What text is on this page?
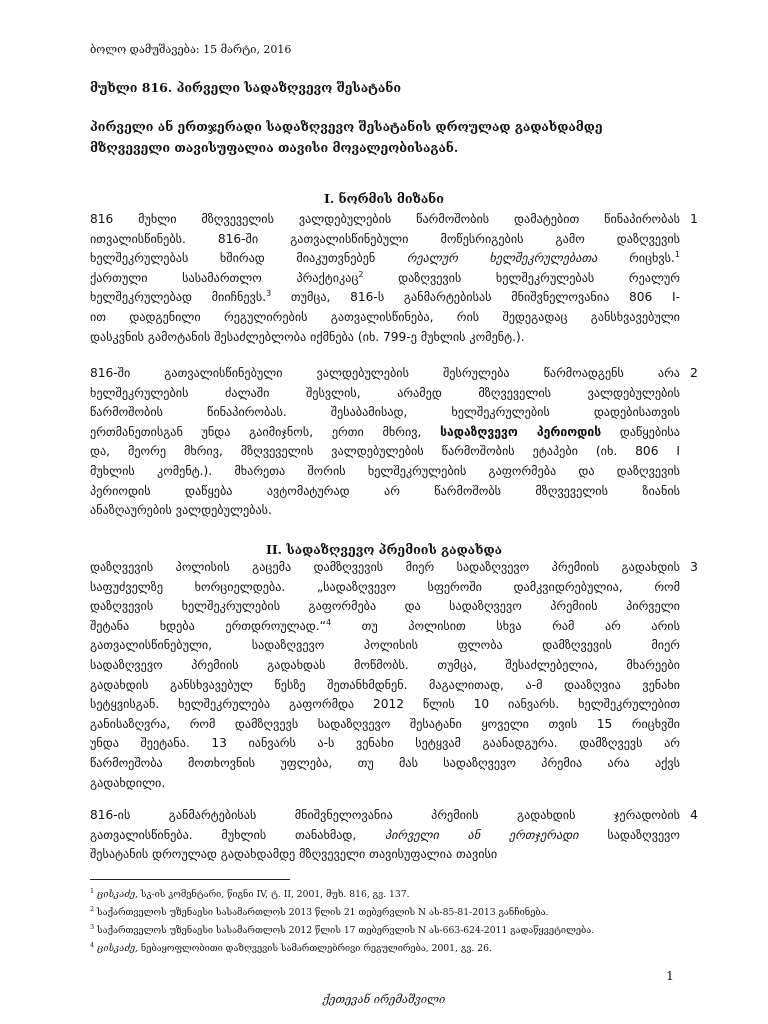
ბოლო დამუშავება: 15 მარტი, 2016
მუხლი 816. პირველი სადაზღვევო შესატანი
პირველი ან ერთჯერადი სადაზღვევო შესატანის დროულად გადახდამდე
მზღვეველი თავისუფალია თავისი მოვალეობისაგან.
I. ნორმის მიზანი
816 მუხლი მზღვეველის ვალდებულების წარმოშობის დამატებით წინაპირობას
ითვალისწინებს. 816-ში გათვალისწინებული მოწესრიგების გამო დაზღვევის
ხელშეკრულებას ხშირად მიაკუთვნებენ რეალურ ხელშეკრულებათა რიცხვს.$^1$
ქართული სასამართლო პრაქტიკაც$^2$ დაზღვევის ხელშეკრულებას რეალურ
ხელშეკრულებად მიიჩნევს.$^3$ თუმცა, 816-ს განმარტებისას მნიშვნელოვანია 806 I-
ით დადგენილი რეგულირების გათვალისწინება, რის შედეგადაც განსხვავებული
დასკვნის გამოტანის შესაძლებლობა იქმნება (იხ. 799-ე მუხლის კომენტ.).
1
816-ში გათვალისწინებული ვალდებულების შესრულება წარმოადგენს არა
ხელშეკრულების ძალაში შესვლის, არამედ მზღვეველის ვალდებულების
წარმოშობის წინაპირობას. შესაბამისად, ხელშეკრულების დადებისათვის
ერთმანეთისგან უნდა გაიმიჯნოს, ერთი მხრივ, სადაზღვევო პერიოდის დაწყებისა
და, მეორე მხრივ, მზღვეველის ვალდებულების წარმოშობის ეტაპები (იხ. 806 I
მუხლის კომენტ.). მხარეთა შორის ხელშეკრულების გაფორმება და დაზღვევის
პერიოდის დაწყება ავტომატურად არ წარმოშობს მზღვეველის ზიანის
ანაზღაურების ვალდებულებას.
2
II. სადაზღვევო პრემიის გადახდა
დაზღვევის პოლისის გაცემა დამზღვევის მიერ სადაზღვევო პრემიის გადახდის
საფუძველზე ხორციელდება. „სადაზღვევო სფეროში დამკვიდრებულია, რომ
დაზღვევის ხელშეკრულების გაფორმება და სადაზღვევო პრემიის პირველი
შეტანა ხდება ერთდროულად.“$^4$ თუ პოლისით სხვა რამ არ არის
გათვალისწინებული, სადაზღვევო პოლისის ფლობა დამზღვევის მიერ
სადაზღვევო პრემიის გადახდას მოწმობს. თუმცა, შესაძლებელია, მხარეები
გადახდის განსხვავებულ წესზე შეთანხმდნენ. მაგალითად, ა-მ დააზღვია ვენახი
სეტყვისგან. ხელშეკრულება გაფორმდა 2012 წლის 10 იანვარს. ხელშეკრულებით
განისაზღვრა, რომ დამზღვევს სადაზღვევო შესატანი ყოველი თვის 15 რიცხვში
უნდა შეეტანა. 13 იანვარს ა-ს ვენახი სეტყვამ გაანადგურა. დამზღვევს არ
წარმოეშობა მოთხოვნის უფლება, თუ მას სადაზღვევო პრემია არა აქვს
გადახდილი.
3
816-ის განმარტებისას მნიშვნელოვანია პრემიის გადახდის ჯერადობის
გათვალისწინება. მუხლის თანახმად, პირველი ან ერთჯერადი სადაზღვევო
შესატანის დროულად გადახდამდე მზღვეველი თავისუფალია თავისი
4
$^1$ ცისკაძე, სკ-ის კომენტარი, წიგნი IV, ტ. II, 2001, მუხ. 816, გვ. 137.
$^2$ საქართველოს უზენაესი სასამართლოს 2013 წლის 21 თებერვლის N ას-85-81-2013 განჩინება.
$^3$ საქართველოს უზენაესი სასამართლოს 2012 წლის 17 თებერვლის N ას-663-624-2011 გადაწყვეტილება.
$^4$ ცისკაძე, ნებაყოფლობითი დაზღვევის სამართლებრივი რეგულირება, 2001, გვ. 26.
1
ქეთევან ირემაშვილი
